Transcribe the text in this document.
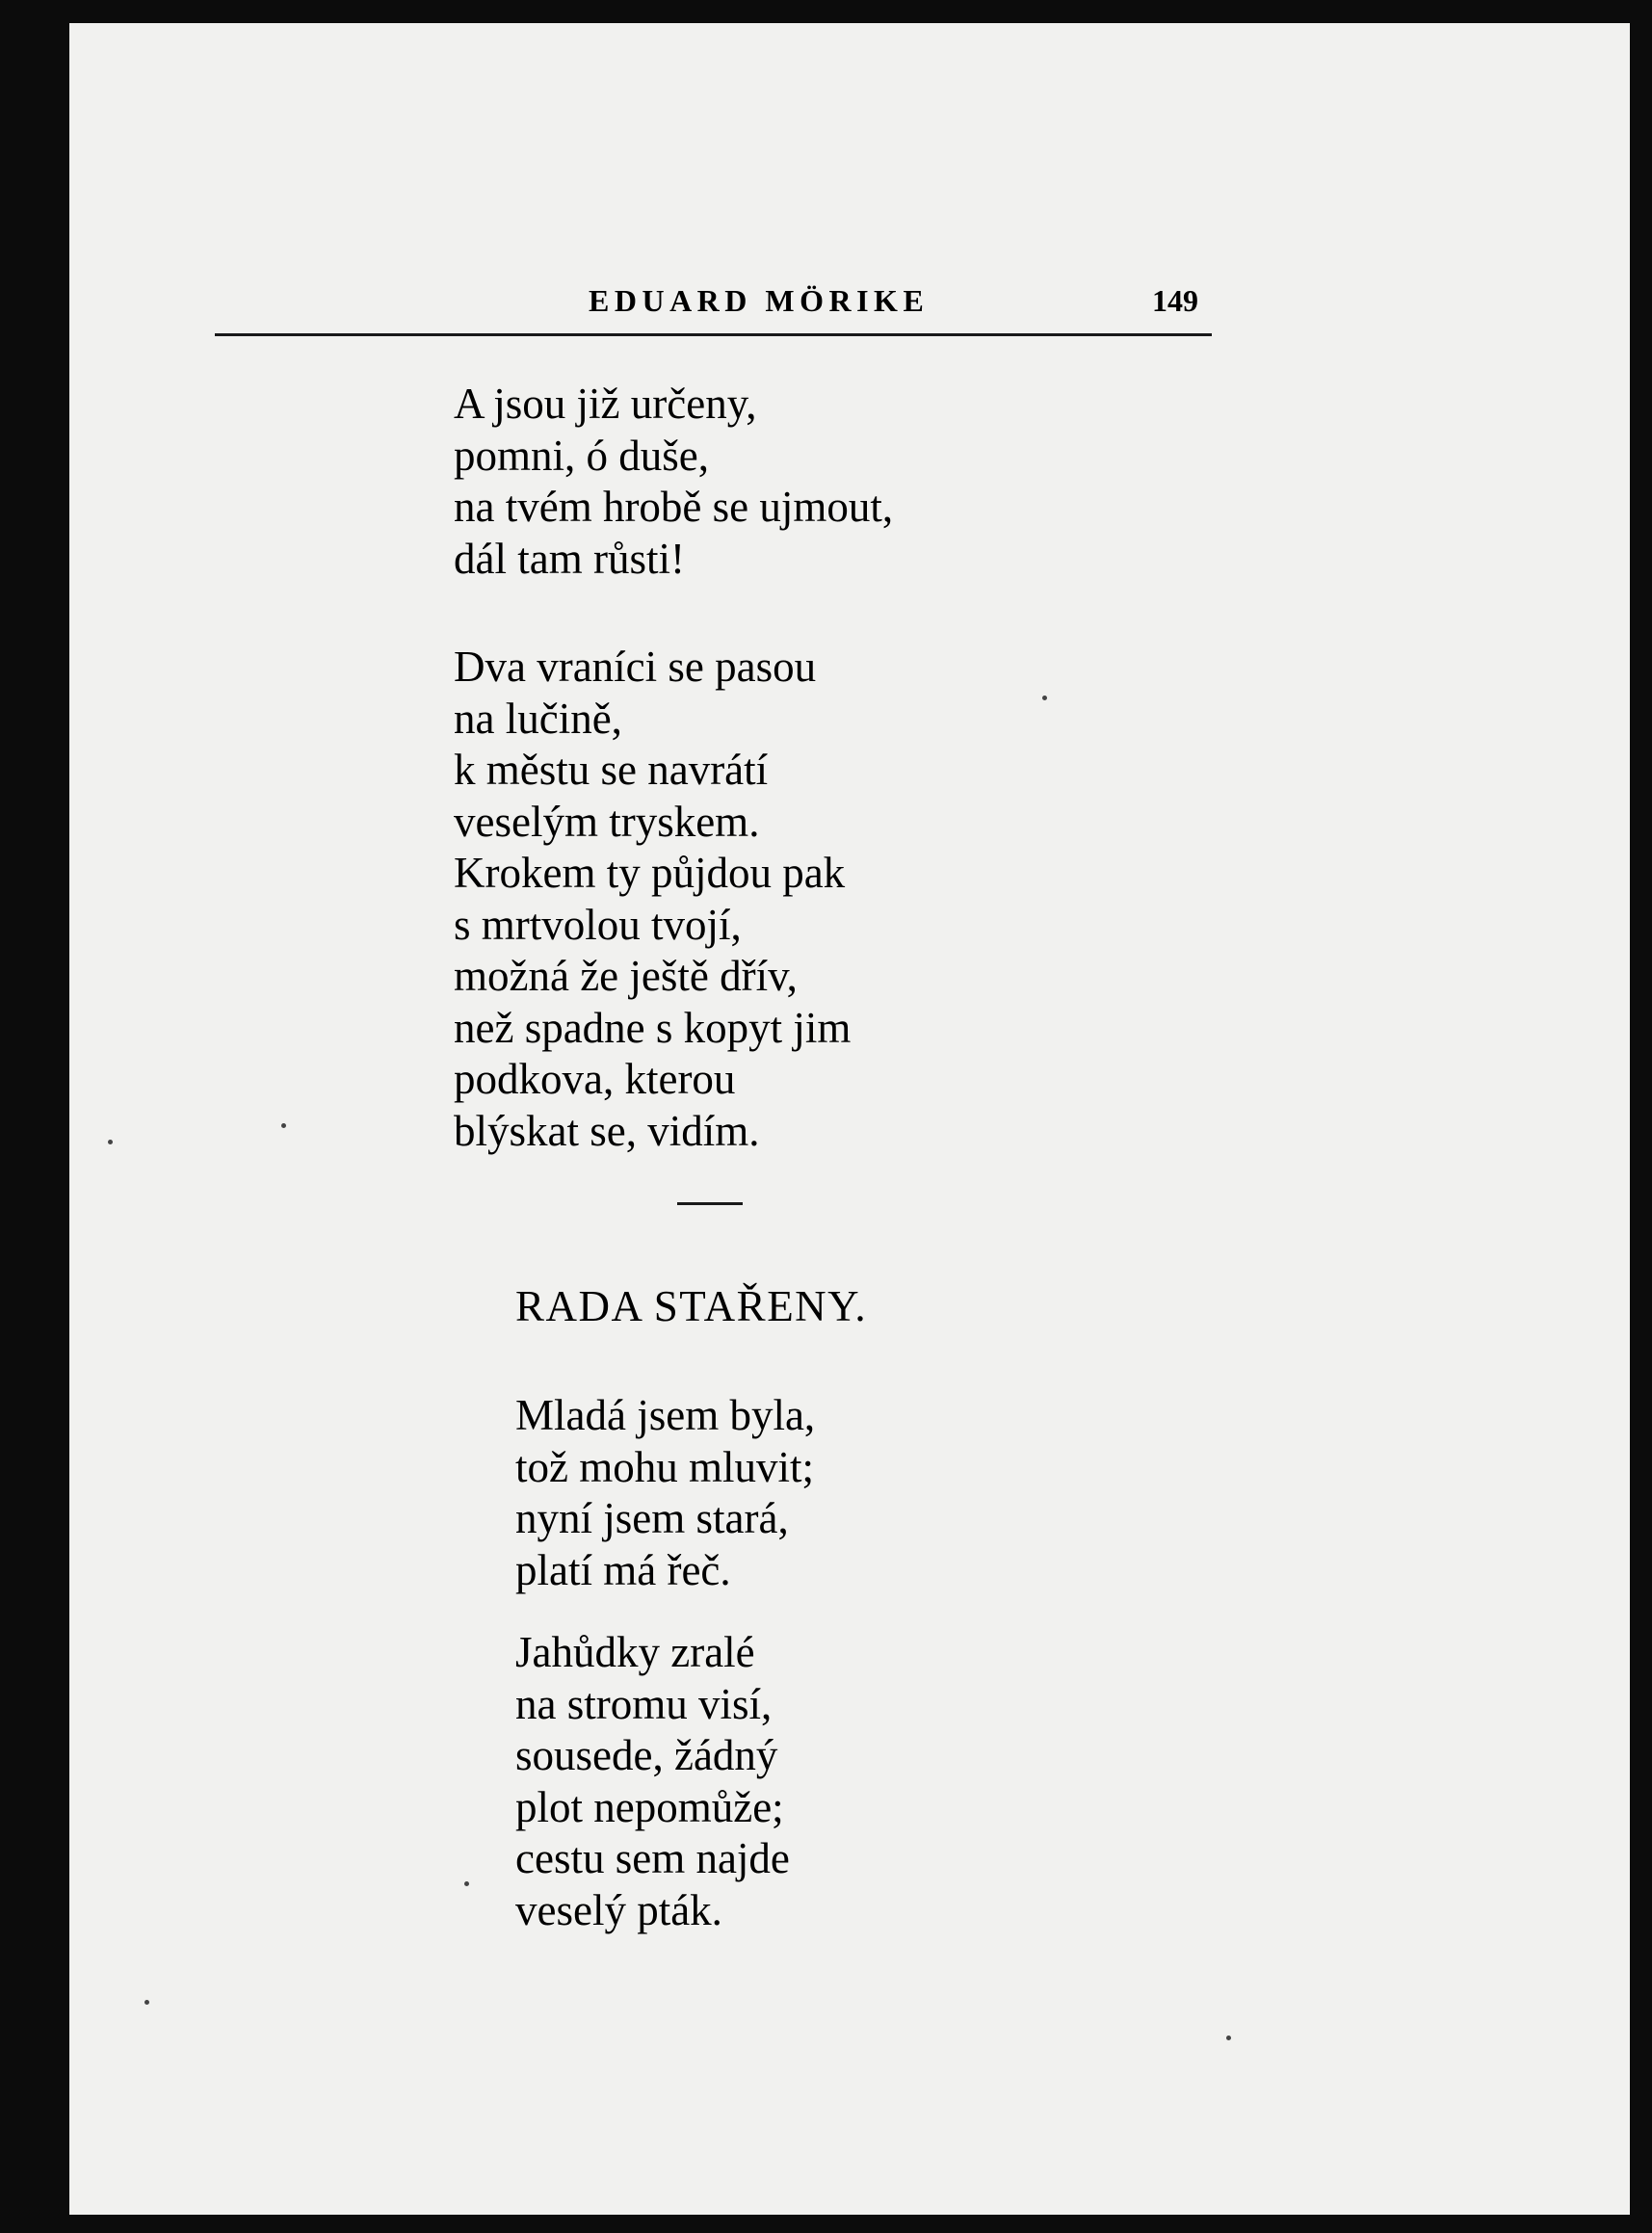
EDUARD MÖRIKE	149
A jsou již určeny,
pomni, ó duše,
na tvém hrobě se ujmout,
dál tam růsti!
Dva vraníci se pasou
na lučině,
k městu se navrátí
veselým tryskem.
Krokem ty půjdou pak
s mrtvolou tvojí,
možná že ještě dřív,
než spadne s kopyt jim
podkova, kterou
blýskat se, vidím.
RADA STAŘENY.
Mladá jsem byla,
tož mohu mluvit;
nyní jsem stará,
platí má řeč.
Jahůdky zralé
na stromu visí,
sousede, žádný
plot nepomůže;
cestu sem najde
veselý pták.
